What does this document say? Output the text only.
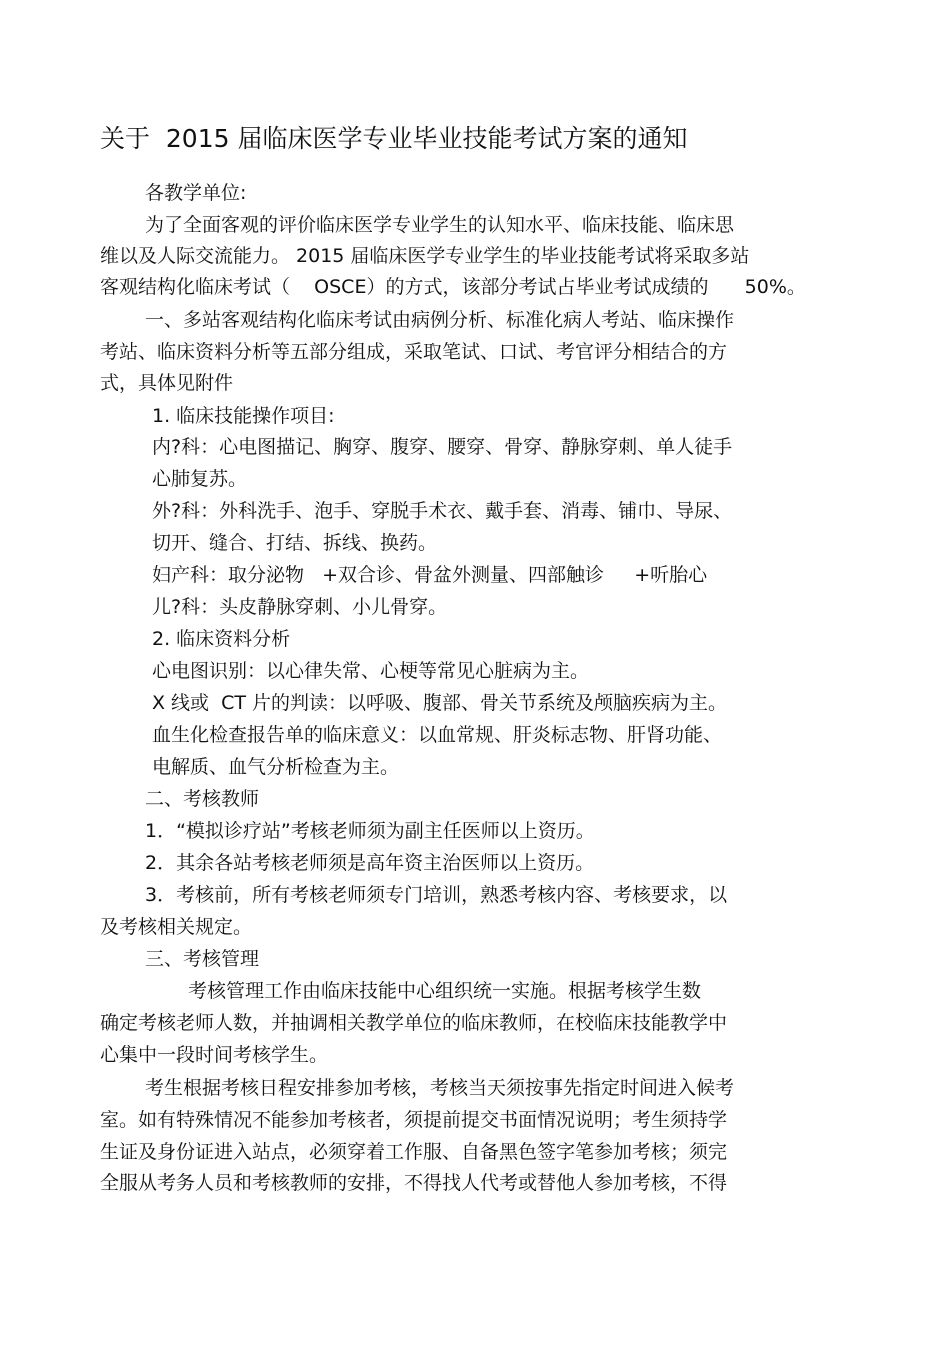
关于  2015 届临床医学专业毕业技能考试方案的通知
各教学单位:
为了全面客观的评价临床医学专业学生的认知水平、临床技能、临床思
维以及人际交流能力。 2015 届临床医学专业学生的毕业技能考试将采取多站
客观结构化临床考试（    OSCE）的方式，该部分考试占毕业考试成绩的      50%。
一、多站客观结构化临床考试由病例分析、标准化病人考站、临床操作
考站、临床资料分析等五部分组成，采取笔试、口试、考官评分相结合的方
式，具体见附件
1. 临床技能操作项目:
内?科：心电图描记、胸穿、腹穿、腰穿、骨穿、静脉穿刺、单人徒手
心肺复苏。
外?科：外科洗手、泡手、穿脱手术衣、戴手套、消毒、铺巾、导尿、
切开、缝合、打结、拆线、换药。
妇产科：取分泌物   +双合诊、骨盆外测量、四部触诊     +听胎心
儿?科：头皮静脉穿刺、小儿骨穿。
2. 临床资料分析
心电图识别：以心律失常、心梗等常见心脏病为主。
X 线或  CT 片的判读：以呼吸、腹部、骨关节系统及颅脑疾病为主。
血生化检查报告单的临床意义：以血常规、肝炎标志物、肝肾功能、
电解质、血气分析检查为主。
二、考核教师
1．“模拟诊疗站”考核老师须为副主任医师以上资历。
2．其余各站考核老师须是高年资主治医师以上资历。
3．考核前，所有考核老师须专门培训，熟悉考核内容、考核要求，以
及考核相关规定。
三、考核管理
考核管理工作由临床技能中心组织统一实施。根据考核学生数
确定考核老师人数，并抽调相关教学单位的临床教师，在校临床技能教学中
心集中一段时间考核学生。
考生根据考核日程安排参加考核，考核当天须按事先指定时间进入候考
室。如有特殊情况不能参加考核者，须提前提交书面情况说明；考生须持学
生证及身份证进入站点，必须穿着工作服、自备黑色签字笔参加考核；须完
全服从考务人员和考核教师的安排，不得找人代考或替他人参加考核，不得
